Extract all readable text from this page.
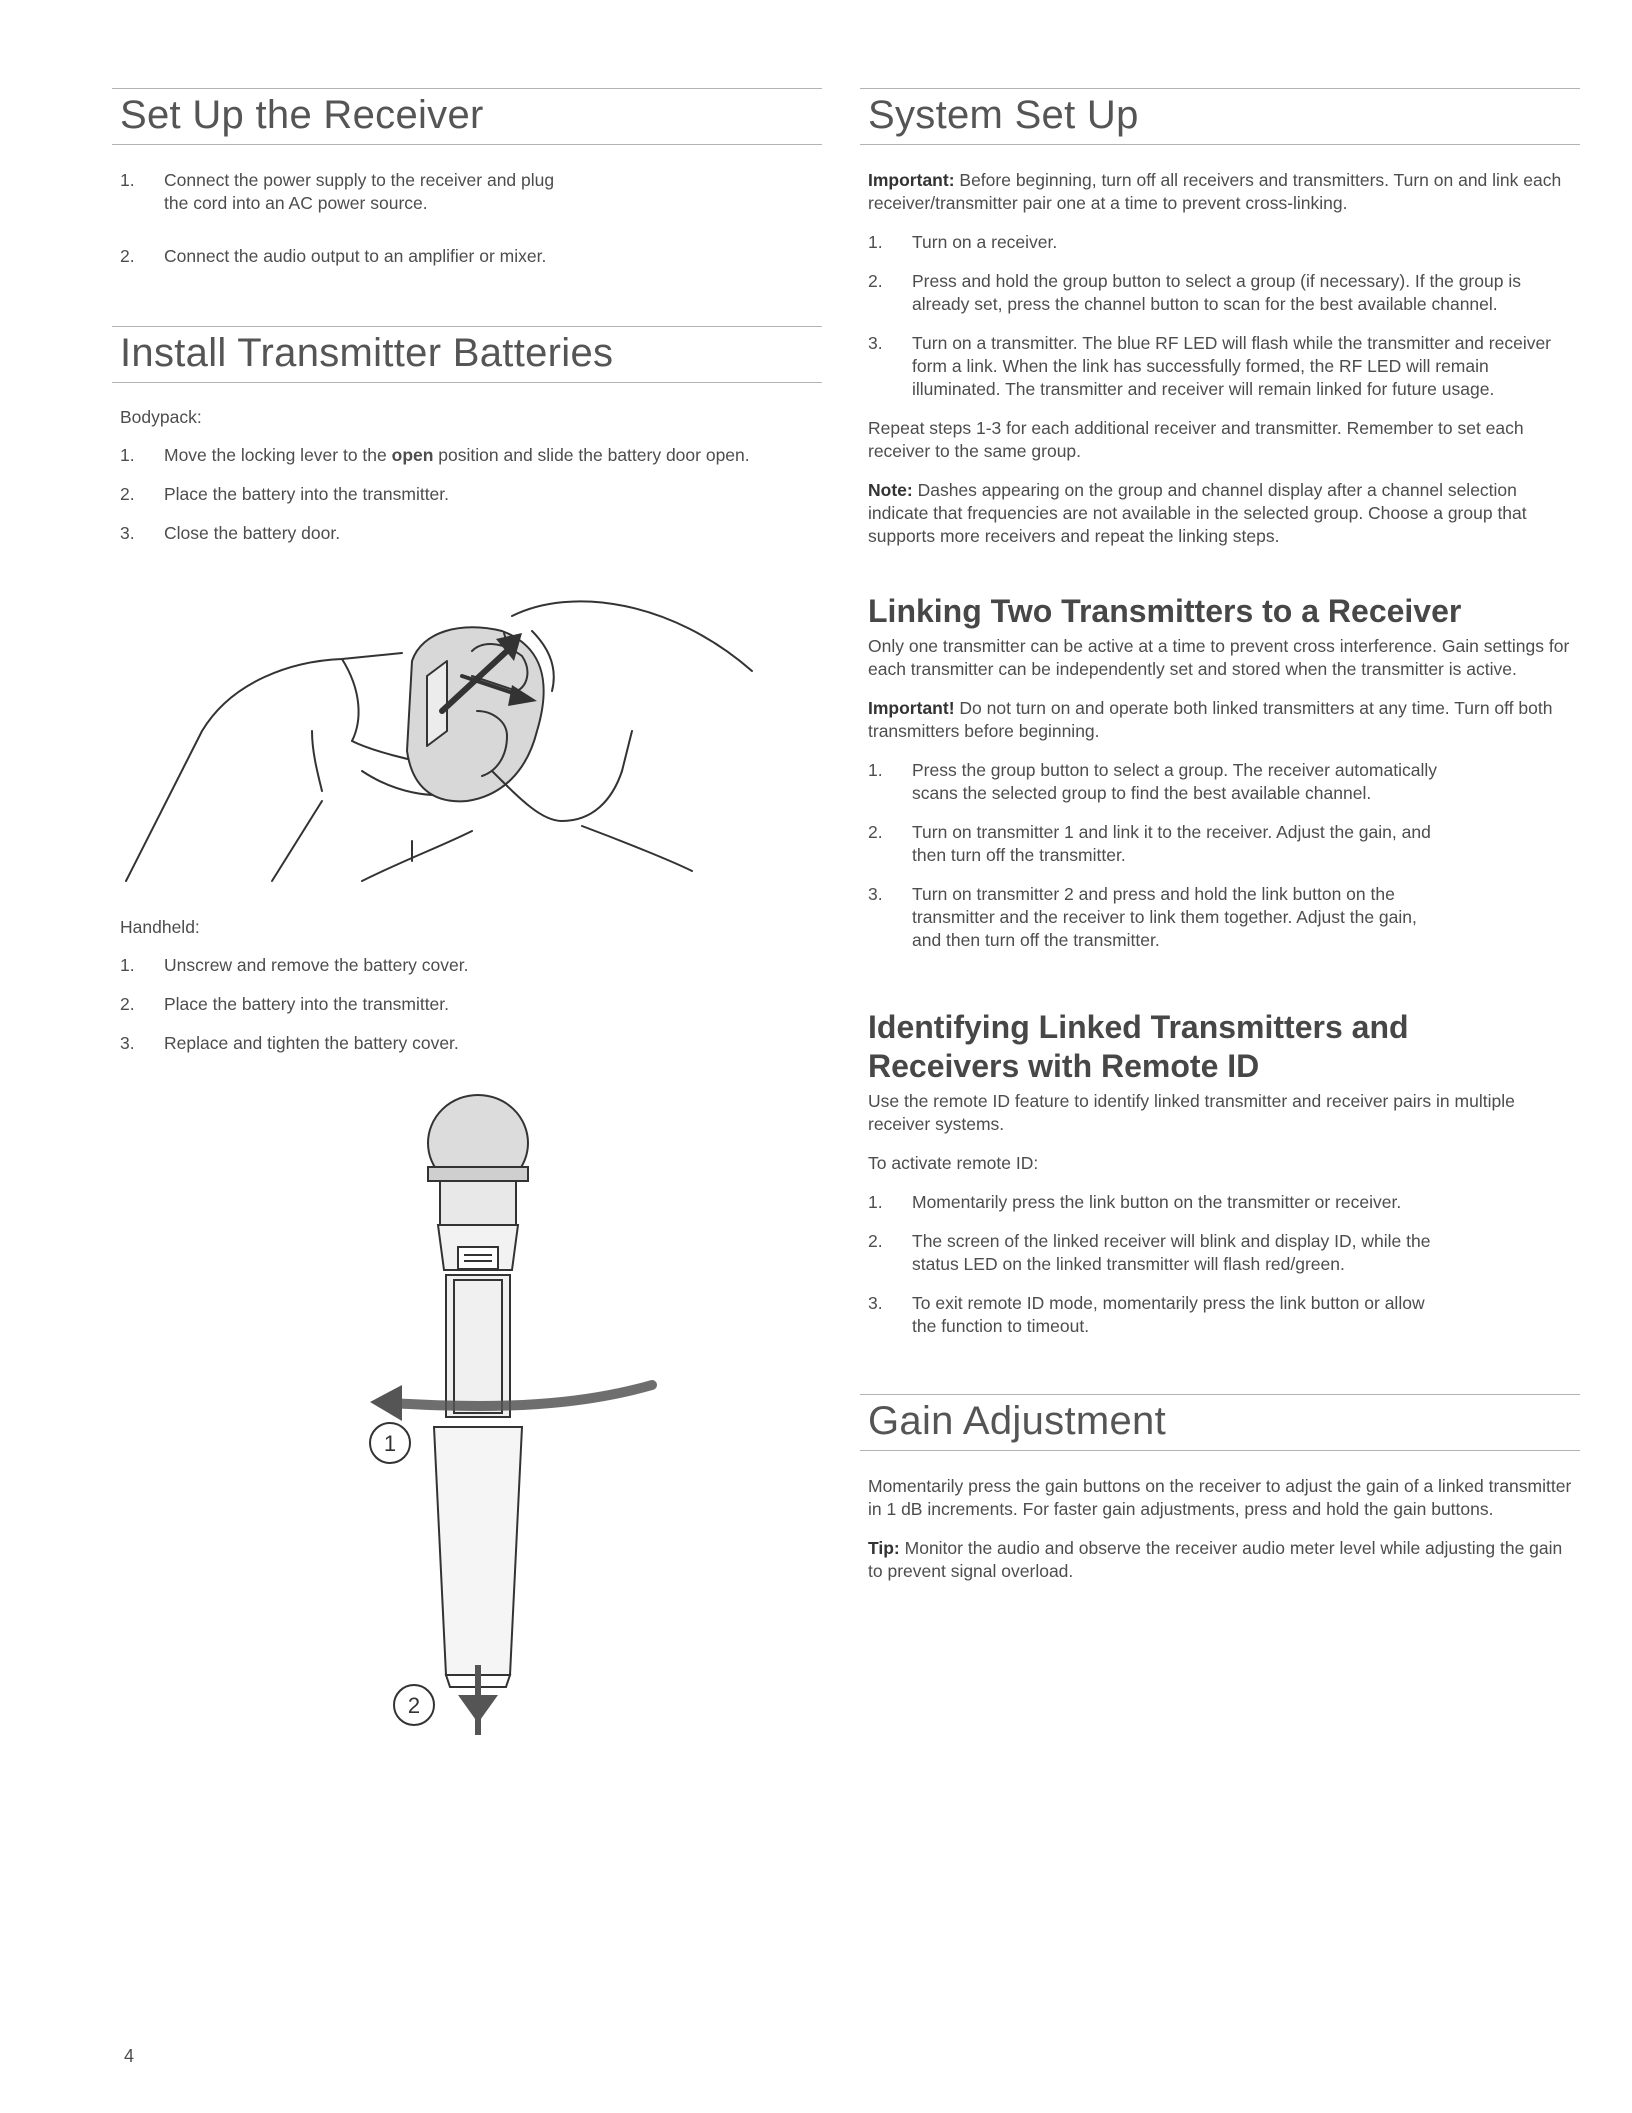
Set Up the Receiver
1. Connect the power supply to the receiver and plug the cord into an AC power source.
2. Connect the audio output to an amplifier or mixer.
Install Transmitter Batteries
Bodypack:
1. Move the locking lever to the open position and slide the battery door open.
2. Place the battery into the transmitter.
3. Close the battery door.
Handheld:
1. Unscrew and remove the battery cover.
2. Place the battery into the transmitter.
3. Replace and tighten the battery cover.
1
2
System Set Up

Important: Before beginning, turn off all receivers and transmitters. Turn on and link each receiver/transmitter pair one at a time to prevent cross-linking.

1. Turn on a receiver.
2. Press and hold the group button to select a group (if necessary). If the group is already set, press the channel button to scan for the best available channel.
3. Turn on a transmitter. The blue RF LED will flash while the transmitter and receiver form a link. When the link has successfully formed, the RF LED will remain illuminated. The transmitter and receiver will remain linked for future usage.

Repeat steps 1-3 for each additional receiver and transmitter. Remember to set each receiver to the same group.

Note: Dashes appearing on the group and channel display after a channel selection indicate that frequencies are not available in the selected group. Choose a group that supports more receivers and repeat the linking steps.

Linking Two Transmitters to a Receiver

Only one transmitter can be active at a time to prevent cross interference. Gain settings for each transmitter can be independently set and stored when the transmitter is active.

Important! Do not turn on and operate both linked transmitters at any time. Turn off both transmitters before beginning.

1. Press the group button to select a group. The receiver automatically scans the selected group to find the best available channel.
2. Turn on transmitter 1 and link it to the receiver. Adjust the gain, and then turn off the transmitter.
3. Turn on transmitter 2 and press and hold the link button on the transmitter and the receiver to link them together. Adjust the gain, and then turn off the transmitter.
Identifying Linked Transmitters and Receivers with Remote ID

Use the remote ID feature to identify linked transmitter and receiver pairs in multiple receiver systems.

To activate remote ID:

1. Momentarily press the link button on the transmitter or receiver.
2. The screen of the linked receiver will blink and display ID, while the status LED on the linked transmitter will flash red/green.
3. To exit remote ID mode, momentarily press the link button or allow the function to timeout.
Gain Adjustment

Momentarily press the gain buttons on the receiver to adjust the gain of a linked transmitter in 1 dB increments. For faster gain adjustments, press and hold the gain buttons.

Tip: Monitor the audio and observe the receiver audio meter level while adjusting the gain to prevent signal overload.

4
